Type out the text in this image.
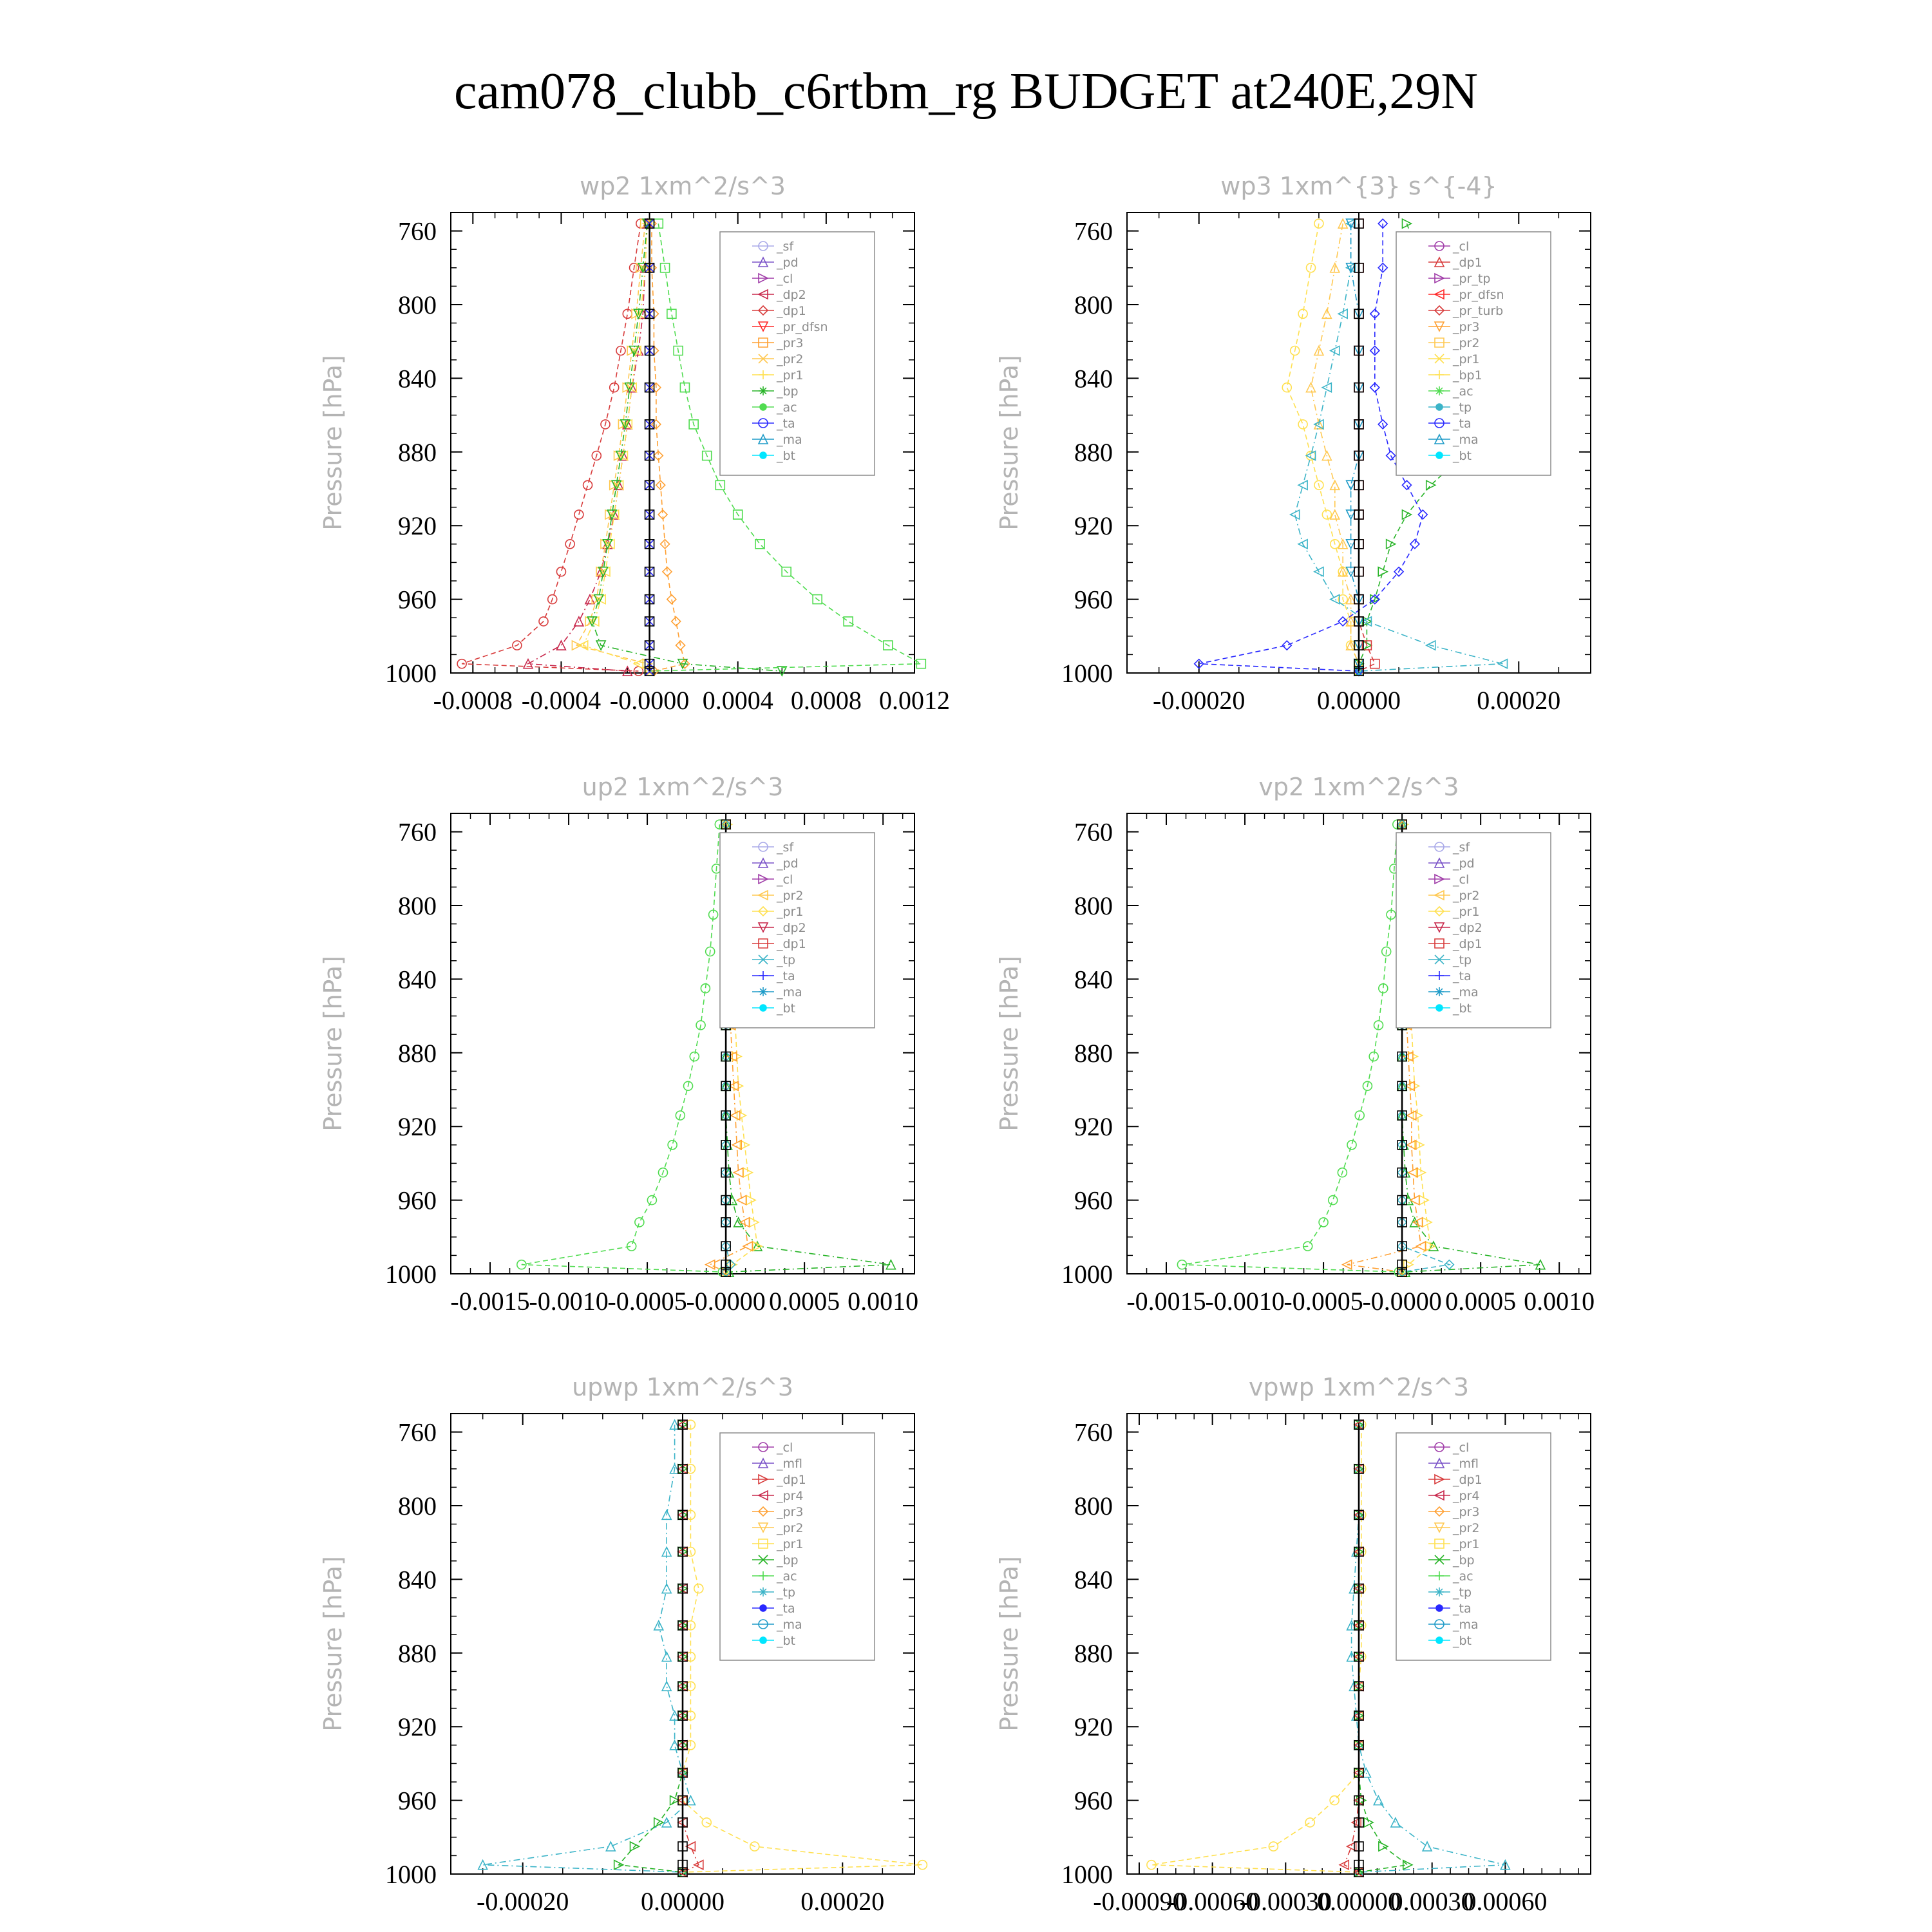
cam078_clubb_c6rtbm_rg BUDGET at240E,29N
wp2 1xm^2/s^3
Pressure [hPa]
760
800
840
880
920
960
1000
-0.0008 -0.0004 -0.0000 0.0004 0.0008 0.0012
_sf
_pd
_cl
_dp2
_dp1
_pr_dfsn
_pr3
_pr2
_pr1
_bp
_ac
_ta
_ma
_bt
wp3 1xm^{3} s^{-4}
Pressure [hPa]
760
800
840
880
920
960
1000
-0.00020	0.00000	0.00020
_cl
_dp1
_pr_tp
_pr_dfsn
_pr_turb
_pr3
_pr2
_pr1
_bp1
_ac
_tp
_ta
_ma
_bt
up2 1xm^2/s^3
Pressure [hPa]
760
800
840
880
920
960
1000
-0.0015
-0.0010
-0.0005
-0.0000 0.0005 0.0010
_sf
_pd
_cl
_pr2
_pr1
_dp2
_dp1
_tp
_ta
_ma
_bt
vp2 1xm^2/s^3
Pressure [hPa]
760
800
840
880
920
960
1000
-0.0015
-0.0010
-0.0005
-0.0000 0.0005 0.0010
_sf
_pd
_cl
_pr2
_pr1
_dp2
_dp1
_tp
_ta
_ma
_bt
upwp 1xm^2/s^3
Pressure [hPa]
760
800
840
880
920
960
1000
-0.00020	0.00000	0.00020
_cl
_mfl
_dp1
_pr4
_pr3
_pr2
_pr1
_bp
_ac
_tp
_ta
_ma
_bt
vpwp 1xm^2/s^3
Pressure [hPa]
760
800
840
880
920
960
1000
-0.00090
-0.00060
-0.00030
0.00000
0.00030
0.00060
_cl
_mfl
_dp1
_pr4
_pr3
_pr2
_pr1
_bp
_ac
_tp
_ta
_ma
_bt
